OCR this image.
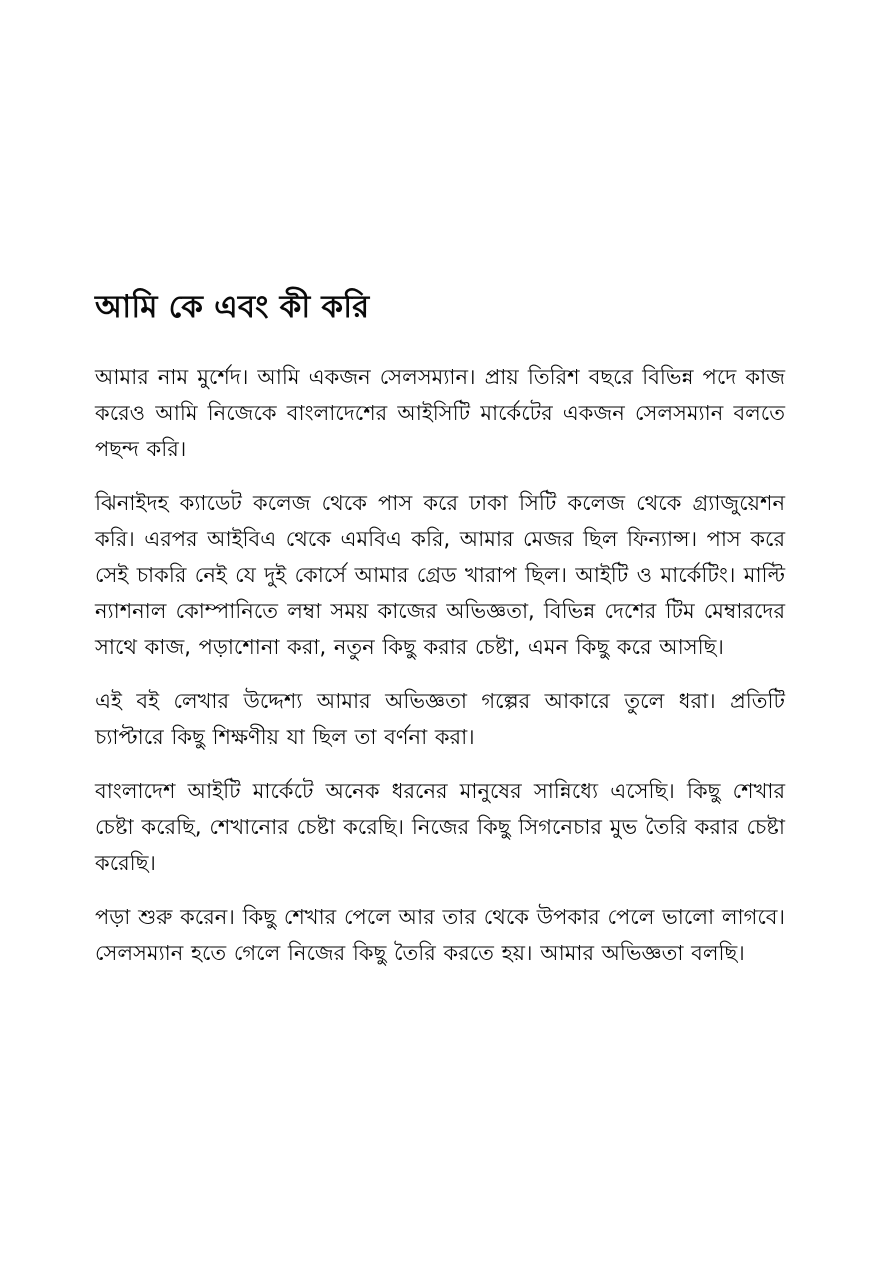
আমি কে এবং কী করি

আমার নাম মুর্শেদ। আমি একজন সেলসম্যান। প্রায় তিরিশ বছরে বিভিন্ন পদে কাজ করেও আমি নিজেকে বাংলাদেশের আইসিটি মার্কেটের একজন সেলসম্যান বলতে পছন্দ করি।

ঝিনাইদহ ক্যাডেট কলেজ থেকে পাস করে ঢাকা সিটি কলেজ থেকে গ্র্যাজুয়েশন করি। এরপর আইবিএ থেকে এমবিএ করি, আমার মেজর ছিল ফিন্যান্স। পাস করে সেই চাকরি নেই যে দুই কোর্সে আমার গ্রেড খারাপ ছিল। আইটি ও মার্কেটিং। মাল্টি ন্যাশনাল কোম্পানিতে লম্বা সময় কাজের অভিজ্ঞতা, বিভিন্ন দেশের টিম মেম্বারদের সাথে কাজ, পড়াশোনা করা, নতুন কিছু করার চেষ্টা, এমন কিছু করে আসছি।

এই বই লেখার উদ্দেশ্য আমার অভিজ্ঞতা গল্পের আকারে তুলে ধরা। প্রতিটি চ্যাপ্টারে কিছু শিক্ষণীয় যা ছিল তা বর্ণনা করা।

বাংলাদেশ আইটি মার্কেটে অনেক ধরনের মানুষের সান্নিধ্যে এসেছি। কিছু শেখার চেষ্টা করেছি, শেখানোর চেষ্টা করেছি। নিজের কিছু সিগনেচার মুভ তৈরি করার চেষ্টা করেছি।

পড়া শুরু করেন। কিছু শেখার পেলে আর তার থেকে উপকার পেলে ভালো লাগবে। সেলসম্যান হতে গেলে নিজের কিছু তৈরি করতে হয়। আমার অভিজ্ঞতা বলছি।
